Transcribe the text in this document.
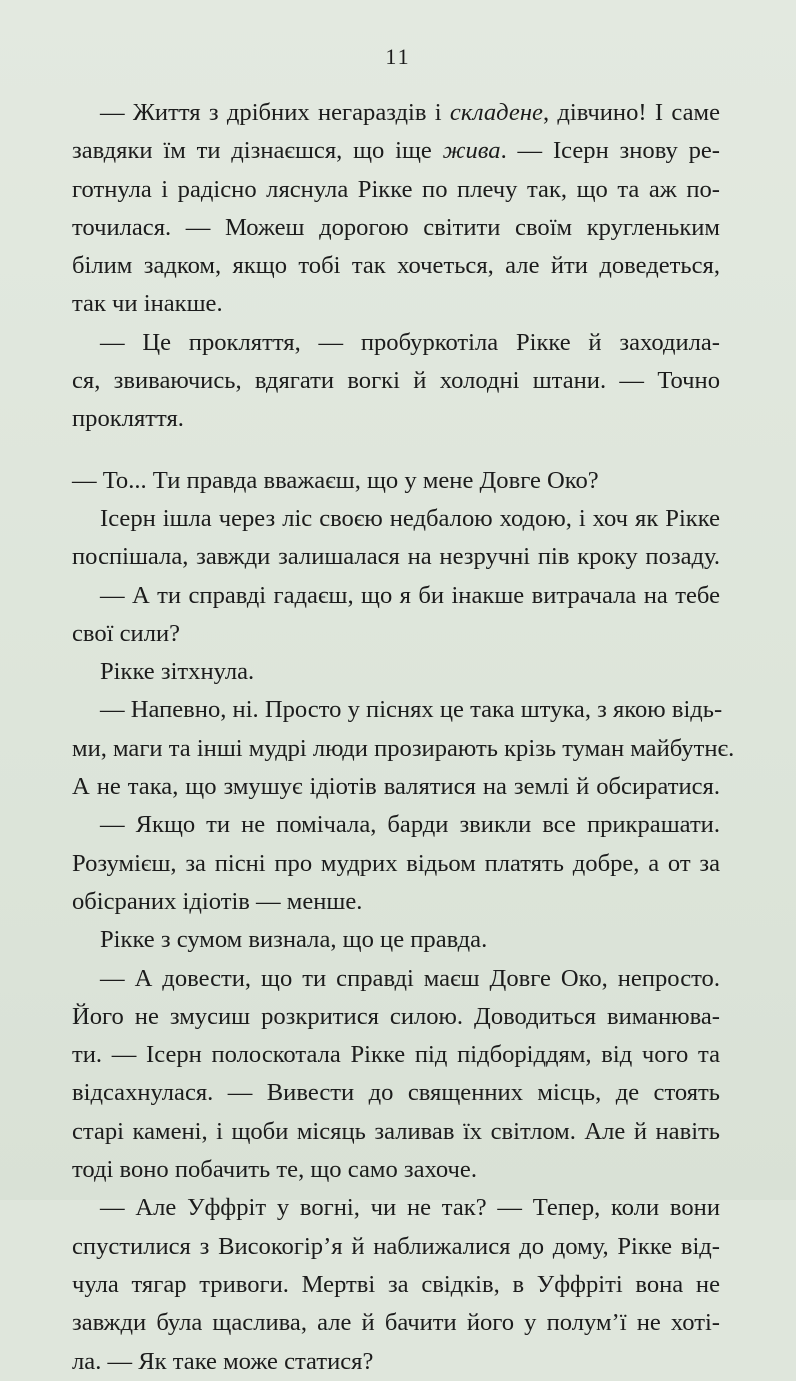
11
— Життя з дрібних негараздів і складене, дівчино! І саме
завдяки їм ти дізнаєшся, що іще жива. — Ісерн знову ре-
готнула і радісно ляснула Рікке по плечу так, що та аж по-
точилася. — Можеш дорогою світити своїм кругленьким
білим задком, якщо тобі так хочеться, але йти доведеться,
так чи інакше.
— Це прокляття, — пробуркотіла Рікке й заходила-
ся, звиваючись, вдягати вогкі й холодні штани. — Точно
прокляття.
— То... Ти правда вважаєш, що у мене Довге Око?
Ісерн ішла через ліс своєю недбалою ходою, і хоч як Рікке
поспішала, завжди залишалася на незручні пів кроку позаду.
— А ти справді гадаєш, що я би інакше витрачала на тебе
свої сили?
Рікке зітхнула.
— Напевно, ні. Просто у піснях це така штука, з якою відь-
ми, маги та інші мудрі люди прозирають крізь туман майбутнє.
А не така, що змушує ідіотів валятися на землі й обсиратися.
— Якщо ти не помічала, барди звикли все прикрашати.
Розумієш, за пісні про мудрих відьом платять добре, а от за
обісраних ідіотів — менше.
Рікке з сумом визнала, що це правда.
— А довести, що ти справді маєш Довге Око, непросто.
Його не змусиш розкритися силою. Доводиться виманюва-
ти. — Ісерн полоскотала Рікке під підборіддям, від чого та
відсахнулася. — Вивести до священних місць, де стоять
старі камені, і щоби місяць заливав їх світлом. Але й навіть
тоді воно побачить те, що само захоче.
— Але Уффріт у вогні, чи не так? — Тепер, коли вони
спустилися з Високогір’я й наближалися до дому, Рікке від-
чула тягар тривоги. Мертві за свідків, в Уффріті вона не
завжди була щаслива, але й бачити його у полум’ї не хоті-
ла. — Як таке може статися?
